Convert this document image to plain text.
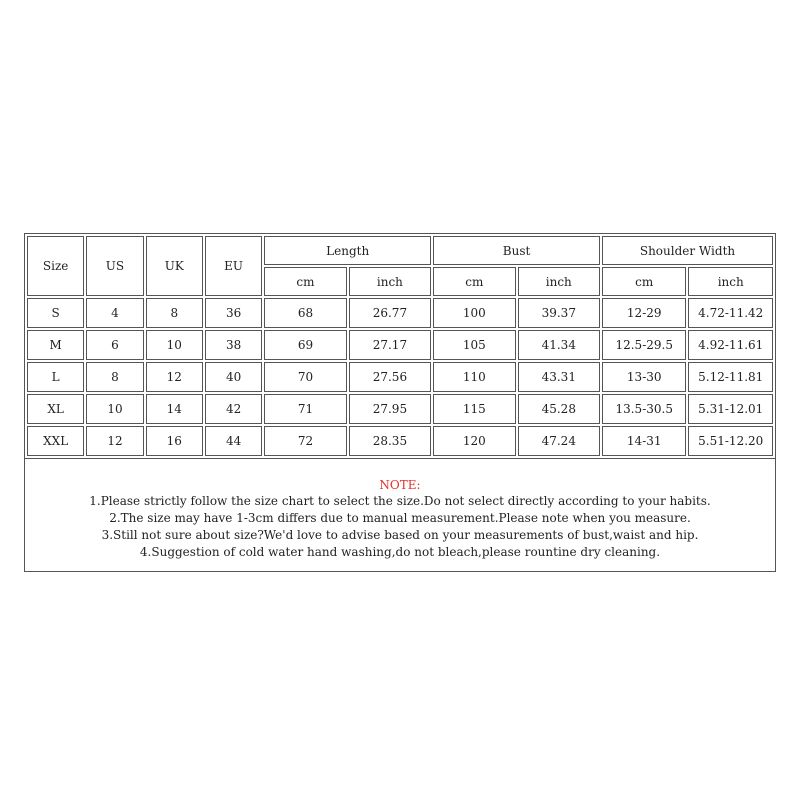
Size	US	UK	EU	Length		Bust		Shoulder Width	
				cm	inch	cm	inch	cm	inch
S	4	8	36	68	26.77	100	39.37	12-29	4.72-11.42
M	6	10	38	69	27.17	105	41.34	12.5-29.5	4.92-11.61
L	8	12	40	70	27.56	110	43.31	13-30	5.12-11.81
XL	10	14	42	71	27.95	115	45.28	13.5-30.5	5.31-12.01
XXL	12	16	44	72	28.35	120	47.24	14-31	5.51-12.20
NOTE:
1.Please strictly follow the size chart to select the size.Do not select directly according to your habits.
2.The size may have 1-3cm differs due to manual measurement.Please note when you measure.
3.Still not sure about size?We'd love to advise based on your measurements of bust,waist and hip.
4.Suggestion of cold water hand washing,do not bleach,please rountine dry cleaning.
